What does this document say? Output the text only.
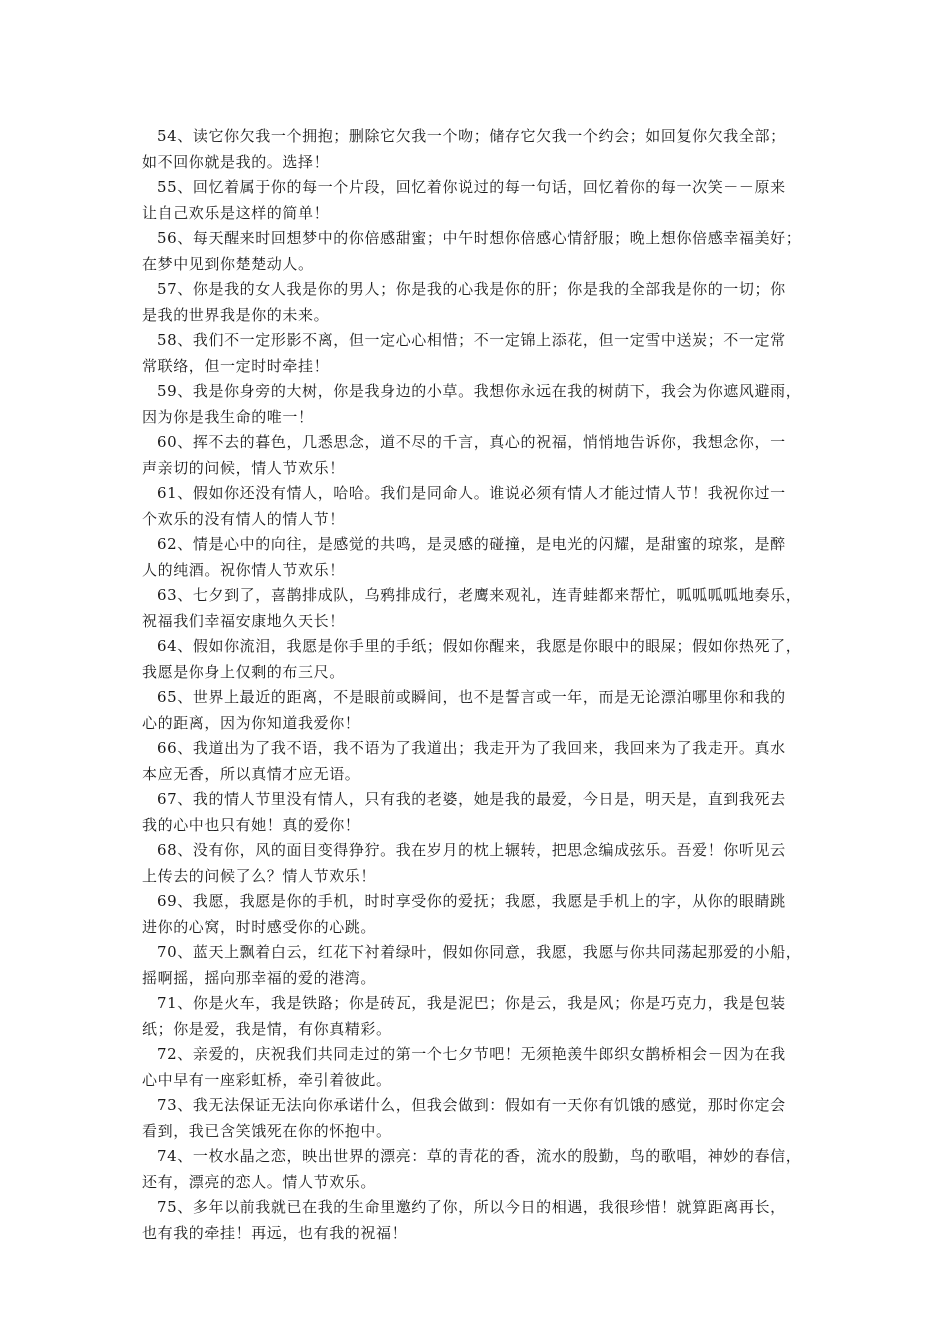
54、读它你欠我一个拥抱；删除它欠我一个吻；储存它欠我一个约会；如回复你欠我全部；
如不回你就是我的。选择！

55、回忆着属于你的每一个片段，回忆着你说过的每一句话，回忆着你的每一次笑－－原来
让自己欢乐是这样的简单！

56、每天醒来时回想梦中的你倍感甜蜜；中午时想你倍感心情舒服；晚上想你倍感幸福美好；
在梦中见到你楚楚动人。

57、你是我的女人我是你的男人；你是我的心我是你的肝；你是我的全部我是你的一切；你
是我的世界我是你的未来。

58、我们不一定形影不离，但一定心心相惜；不一定锦上添花，但一定雪中送炭；不一定常
常联络，但一定时时牵挂！

59、我是你身旁的大树，你是我身边的小草。我想你永远在我的树荫下，我会为你遮风避雨，
因为你是我生命的唯一！

60、挥不去的暮色，几悉思念，道不尽的千言，真心的祝福，悄悄地告诉你，我想念你，一
声亲切的问候，情人节欢乐！

61、假如你还没有情人，哈哈。我们是同命人。谁说必须有情人才能过情人节！我祝你过一
个欢乐的没有情人的情人节！

62、情是心中的向往，是感觉的共鸣，是灵感的碰撞，是电光的闪耀，是甜蜜的琼浆，是醉
人的纯酒。祝你情人节欢乐！

63、七夕到了，喜鹊排成队，乌鸦排成行，老鹰来观礼，连青蛙都来帮忙，呱呱呱呱地奏乐，
祝福我们幸福安康地久天长！

64、假如你流泪，我愿是你手里的手纸；假如你醒来，我愿是你眼中的眼屎；假如你热死了，
我愿是你身上仅剩的布三尺。

65、世界上最近的距离，不是眼前或瞬间，也不是誓言或一年，而是无论漂泊哪里你和我的
心的距离，因为你知道我爱你！

66、我道出为了我不语，我不语为了我道出；我走开为了我回来，我回来为了我走开。真水
本应无香，所以真情才应无语。

67、我的情人节里没有情人，只有我的老婆，她是我的最爱，今日是，明天是，直到我死去
我的心中也只有她！真的爱你！

68、没有你，风的面目变得狰狞。我在岁月的枕上辗转，把思念编成弦乐。吾爱！你听见云
上传去的问候了么？情人节欢乐！

69、我愿，我愿是你的手机，时时享受你的爱抚；我愿，我愿是手机上的字，从你的眼睛跳
进你的心窝，时时感受你的心跳。

70、蓝天上飘着白云，红花下衬着绿叶，假如你同意，我愿，我愿与你共同荡起那爱的小船，
摇啊摇，摇向那幸福的爱的港湾。

71、你是火车，我是铁路；你是砖瓦，我是泥巴；你是云，我是风；你是巧克力，我是包装
纸；你是爱，我是情，有你真精彩。

72、亲爱的，庆祝我们共同走过的第一个七夕节吧！无须艳羡牛郎织女鹊桥相会－因为在我
心中早有一座彩虹桥，牵引着彼此。

73、我无法保证无法向你承诺什么，但我会做到：假如有一天你有饥饿的感觉，那时你定会
看到，我已含笑饿死在你的怀抱中。

74、一枚水晶之恋，映出世界的漂亮：草的青花的香，流水的殷勤，鸟的歌唱，神妙的春信，
还有，漂亮的恋人。情人节欢乐。

75、多年以前我就已在我的生命里邀约了你，所以今日的相遇，我很珍惜！就算距离再长，
也有我的牵挂！再远，也有我的祝福！
